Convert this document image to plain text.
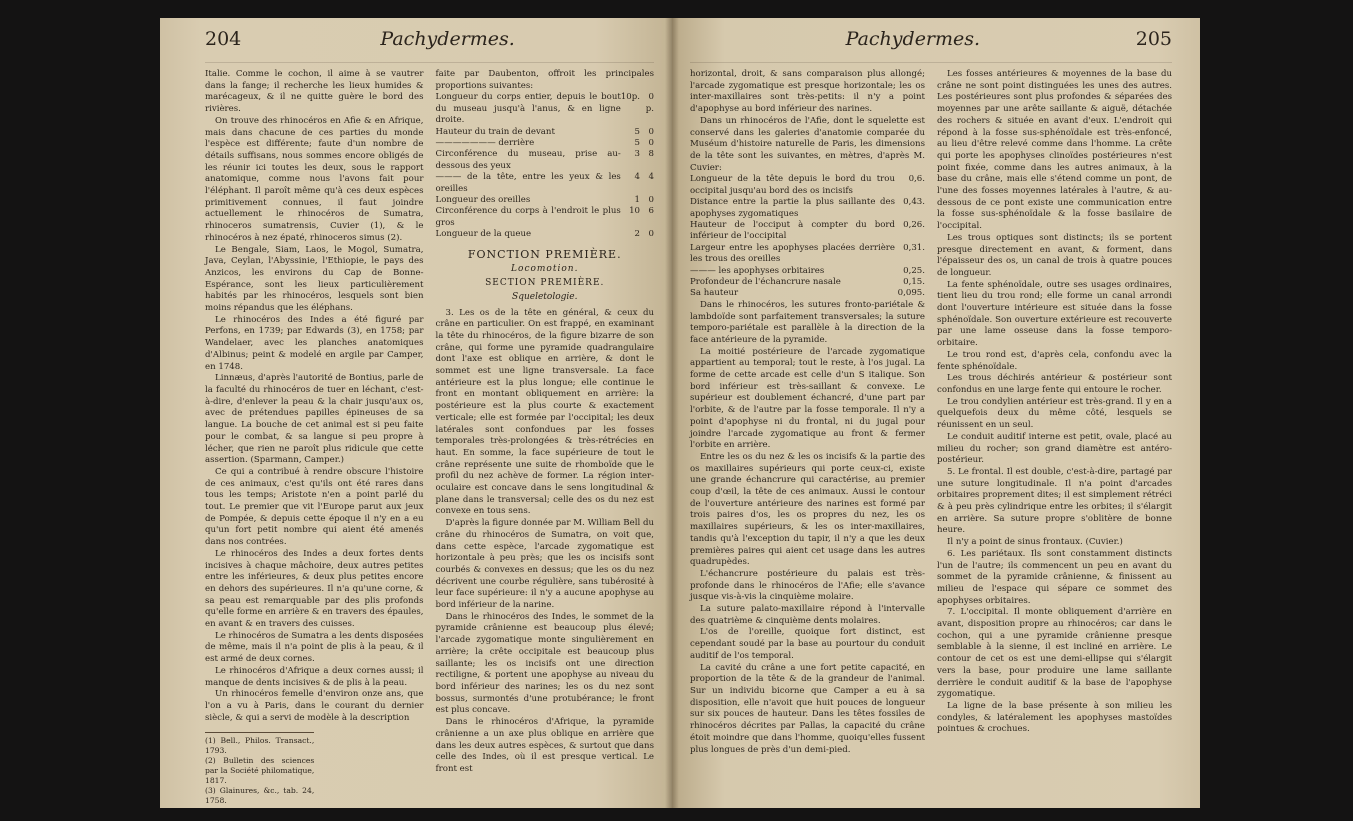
204	Pachydermes.

Italie. Comme le cochon, il aime à se vautrer dans la fange; il recherche les lieux humides & marécageux, & il ne quitte guère le bord des rivières.

On trouve des rhinocéros en Afie & en Afrique, mais dans chacune de ces parties du monde l'espèce est différente; faute d'un nombre de détails suffisans, nous sommes encore obligés de les réunir ici toutes les deux, sous le rapport anatomique, comme nous l'avons fait pour l'éléphant. Il paroît même qu'à ces deux espèces primitivement connues, il faut joindre actuellement le rhinocéros de Sumatra, rhinoceros sumatrensis, Cuvier (1), & le rhinocéros à nez épaté, rhinoceros simus (2).

Le Bengale, Siam, Laos, le Mogol, Sumatra, Java, Ceylan, l'Abyssinie, l'Ethiopie, le pays des Anzicos, les environs du Cap de Bonne-Espérance, sont les lieux particulièrement habités par les rhinocéros, lesquels sont bien moins répandus que les éléphans.

Le rhinocéros des Indes a été figuré par Perfons, en 1739; par Edwards (3), en 1758; par Wandelaer, avec les planches anatomiques d'Albinus; peint & modelé en argile par Camper, en 1748.

Linnæus, d'après l'autorité de Bontius, parle de la faculté du rhinocéros de tuer en léchant, c'est-à-dire, d'enlever la peau & la chair jusqu'aux os, avec de prétendues papilles épineuses de sa langue. La bouche de cet animal est si peu faite pour le combat, & sa langue si peu propre à lécher, que rien ne paroît plus ridicule que cette assertion. (Sparmann, Camper.)

Ce qui a contribué à rendre obscure l'histoire de ces animaux, c'est qu'ils ont été rares dans tous les temps; Aristote n'en a point parlé du tout. Le premier que vit l'Europe parut aux jeux de Pompée, & depuis cette époque il n'y en a eu qu'un fort petit nombre qui aient été amenés dans nos contrées.

Le rhinocéros des Indes a deux fortes dents incisives à chaque mâchoire, deux autres petites entre les inférieures, & deux plus petites encore en dehors des supérieures. Il n'a qu'une corne, & sa peau est remarquable par des plis profonds qu'elle forme en arrière & en travers des épaules, en avant & en travers des cuisses.

Le rhinocéros de Sumatra a les dents disposées de même, mais il n'a point de plis à la peau, & il est armé de deux cornes.

Le rhinocéros d'Afrique a deux cornes aussi; il manque de dents incisives & de plis à la peau.

Un rhinocéros femelle d'environ onze ans, que l'on a vu à Paris, dans le courant du dernier siècle, & qui a servi de modèle à la description

(1) Bell., Philos. Transact., 1793.
(2) Bulletin des sciences par la Société philomatique, 1817.
(3) Glainures, &c., tab. 24, 1758.

faite par Daubenton, offroit les principales proportions suivantes:

Longueur du corps entier, depuis le bout du museau jusqu'à l'anus, & en ligne droite.	10p.	0 p.
Hauteur du train de devant	5	0
——————— derrière	5	0
Circonférence du museau, prise au-dessous des yeux	3	8
——— de la tête, entre les yeux & les oreilles	4	4
Longueur des oreilles	1	0
Circonférence du corps à l'endroit le plus gros	10	6
Longueur de la queue	2	0
FONCTION PREMIÈRE.
Locomotion.
SECTION PREMIÈRE.
Squeletologie.

3. Les os de la tête en général, & ceux du crâne en particulier. On est frappé, en examinant la tête du rhinocéros, de la figure bizarre de son crâne, qui forme une pyramide quadrangulaire dont l'axe est oblique en arrière, & dont le sommet est une ligne transversale. La face antérieure est la plus longue; elle continue le front en montant obliquement en arrière: la postérieure est la plus courte & exactement verticale; elle est formée par l'occipital; les deux latérales sont confondues par les fosses temporales très-prolongées & très-rétrécies en haut. En somme, la face supérieure de tout le crâne représente une suite de rhomboïde que le profil du nez achève de former. La région inter-oculaire est concave dans le sens longitudinal & plane dans le transversal; celle des os du nez est convexe en tous sens.

D'après la figure donnée par M. William Bell du crâne du rhinocéros de Sumatra, on voit que, dans cette espèce, l'arcade zygomatique est horizontale à peu près; que les os incisifs sont courbés & convexes en dessus; que les os du nez décrivent une courbe régulière, sans tubérosité à leur face supérieure: il n'y a aucune apophyse au bord inférieur de la narine.

Dans le rhinocéros des Indes, le sommet de la pyramide crânienne est beaucoup plus élevé; l'arcade zygomatique monte singulièrement en arrière; la crête occipitale est beaucoup plus saillante; les os incisifs ont une direction rectiligne, & portent une apophyse au niveau du bord inférieur des narines; les os du nez sont bossus, surmontés d'une protubérance; le front est plus concave.

Dans le rhinocéros d'Afrique, la pyramide crânienne a un axe plus oblique en arrière que dans les deux autres espèces, & surtout que dans celle des Indes, où il est presque vertical. Le front est

Pachydermes.	205

horizontal, droit, & sans comparaison plus allongé; l'arcade zygomatique est presque horizontale; les os inter-maxillaires sont très-petits: il n'y a point d'apophyse au bord inférieur des narines.

Dans un rhinocéros de l'Afie, dont le squelette est conservé dans les galeries d'anatomie comparée du Muséum d'histoire naturelle de Paris, les dimensions de la tête sont les suivantes, en mètres, d'après M. Cuvier:

Longueur de la tête depuis le bord du trou occipital jusqu'au bord des os incisifs	0,6.
Distance entre la partie la plus saillante des apophyses zygomatiques	0,43.
Hauteur de l'occiput à compter du bord inférieur de l'occipital	0,26.
Largeur entre les apophyses placées derrière les trous des oreilles	0,31.
——— les apophyses orbitaires	0,25.
Profondeur de l'échancrure nasale	0,15.
Sa hauteur	0,095.

Dans le rhinocéros, les sutures fronto-pariétale & lambdoïde sont parfaitement transversales; la suture temporo-pariétale est parallèle à la direction de la face antérieure de la pyramide.

La moitié postérieure de l'arcade zygomatique appartient au temporal; tout le reste, à l'os jugal. La forme de cette arcade est celle d'un S italique. Son bord inférieur est très-saillant & convexe. Le supérieur est doublement échancré, d'une part par l'orbite, & de l'autre par la fosse temporale. Il n'y a point d'apophyse ni du frontal, ni du jugal pour joindre l'arcade zygomatique au front & fermer l'orbite en arrière.

Entre les os du nez & les os incisifs & la partie des os maxillaires supérieurs qui porte ceux-ci, existe une grande échancrure qui caractérise, au premier coup d'œil, la tête de ces animaux. Aussi le contour de l'ouverture antérieure des narines est formé par trois paires d'os, les os propres du nez, les os maxillaires supérieurs, & les os inter-maxillaires, tandis qu'à l'exception du tapir, il n'y a que les deux premières paires qui aient cet usage dans les autres quadrupèdes.

L'échancrure postérieure du palais est très-profonde dans le rhinocéros de l'Afie; elle s'avance jusque vis-à-vis la cinquième molaire.

La suture palato-maxillaire répond à l'intervalle des quatrième & cinquième dents molaires.

L'os de l'oreille, quoique fort distinct, est cependant soudé par la base au pourtour du conduit auditif de l'os temporal.

La cavité du crâne a une fort petite capacité, en proportion de la tête & de la grandeur de l'animal. Sur un individu bicorne que Camper a eu à sa disposition, elle n'avoit que huit pouces de longueur sur six pouces de hauteur. Dans les têtes fossiles de rhinocéros décrites par Pallas, la capacité du crâne étoit moindre que dans l'homme, quoiqu'elles fussent plus longues de près d'un demi-pied.

Les fosses antérieures & moyennes de la base du crâne ne sont point distinguées les unes des autres. Les postérieures sont plus profondes & séparées des moyennes par une arête saillante & aiguë, détachée des rochers & située en avant d'eux. L'endroit qui répond à la fosse sus-sphénoïdale est très-enfoncé, au lieu d'être relevé comme dans l'homme. La crête qui porte les apophyses clinoïdes postérieures n'est point fixée, comme dans les autres animaux, à la base du crâne, mais elle s'étend comme un pont, de l'une des fosses moyennes latérales à l'autre, & au-dessous de ce pont existe une communication entre la fosse sus-sphénoïdale & la fosse basilaire de l'occipital.

Les trous optiques sont distincts; ils se portent presque directement en avant, & forment, dans l'épaisseur des os, un canal de trois à quatre pouces de longueur.

La fente sphénoïdale, outre ses usages ordinaires, tient lieu du trou rond; elle forme un canal arrondi dont l'ouverture intérieure est située dans la fosse sphénoïdale. Son ouverture extérieure est recouverte par une lame osseuse dans la fosse temporo-orbitaire.

Le trou rond est, d'après cela, confondu avec la fente sphénoïdale.

Les trous déchirés antérieur & postérieur sont confondus en une large fente qui entoure le rocher.

Le trou condylien antérieur est très-grand. Il y en a quelquefois deux du même côté, lesquels se réunissent en un seul.

Le conduit auditif interne est petit, ovale, placé au milieu du rocher; son grand diamètre est antéro-postérieur.

5. Le frontal. Il est double, c'est-à-dire, partagé par une suture longitudinale. Il n'a point d'arcades orbitaires proprement dites; il est simplement rétréci & à peu près cylindrique entre les orbites; il s'élargit en arrière. Sa suture propre s'oblitère de bonne heure.

Il n'y a point de sinus frontaux. (Cuvier.)

6. Les pariétaux. Ils sont constamment distincts l'un de l'autre; ils commencent un peu en avant du sommet de la pyramide crânienne, & finissent au milieu de l'espace qui sépare ce sommet des apophyses orbitaires.

7. L'occipital. Il monte obliquement d'arrière en avant, disposition propre au rhinocéros; car dans le cochon, qui a une pyramide crânienne presque semblable à la sienne, il est incliné en arrière. Le contour de cet os est une demi-ellipse qui s'élargit vers la base, pour produire une lame saillante derrière le conduit auditif & la base de l'apophyse zygomatique.

La ligne de la base présente à son milieu les condyles, & latéralement les apophyses mastoïdes pointues & crochues.
